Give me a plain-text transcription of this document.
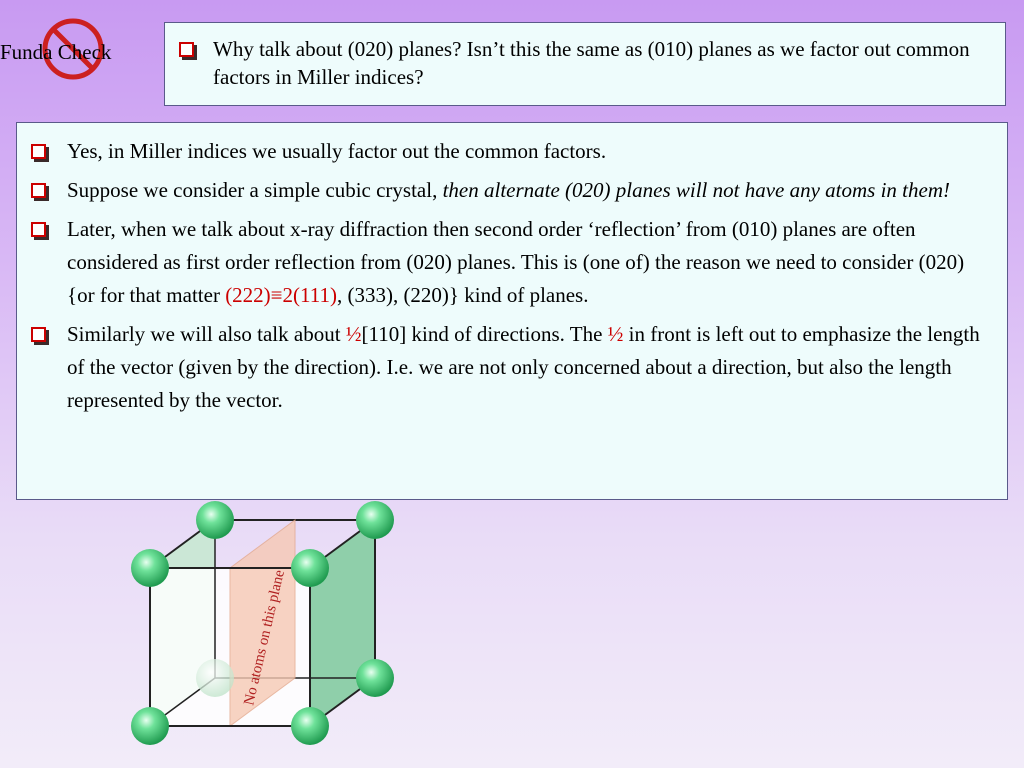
Funda Check	Why talk about (020) planes? Isn’t this the same as (010) planes as we factor out common factors in Miller indices?
Yes, in Miller indices we usually factor out the common factors.
Suppose we consider a simple cubic crystal, then alternate (020) planes will not have any atoms in them!
Later, when we talk about x-ray diffraction then second order ‘reflection’ from (010) planes are often considered as first order reflection from (020) planes. This is (one of) the reason we need to consider (020) {or for that matter (222)≡2(111), (333), (220)} kind of planes.
Similarly we will also talk about ½[110] kind of directions. The ½ in front is left out to emphasize the length of the vector (given by the direction). I.e. we are not only concerned about a direction, but also the length represented by the vector.
No atoms on this plane
